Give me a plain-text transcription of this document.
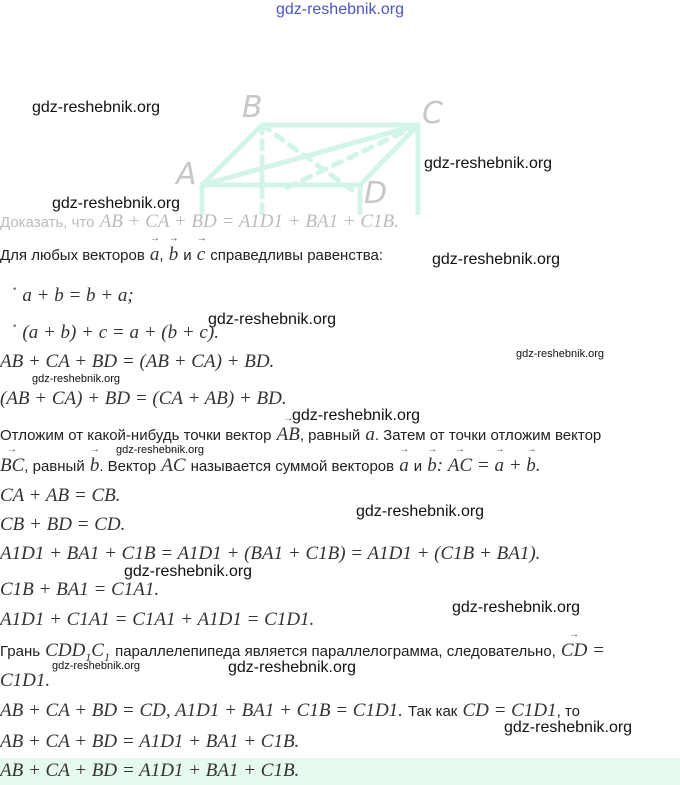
gdz-reshebnik.org
gdz-reshebnik.org
gdz-reshebnik.org
gdz-reshebnik.org
gdz-reshebnik.org
gdz-reshebnik.org
gdz-reshebnik.org
gdz-reshebnik.org
gdz-reshebnik.org
gdz-reshebnik.org
gdz-reshebnik.org
gdz-reshebnik.org
gdz-reshebnik.org
gdz-reshebnik.org	gdz-reshebnik.org
gdz-reshebnik.org
A
B	C
D
Доказать, что AB + CA + BD = A1D1 + BA1 + C1B.
Для любых векторов → a, → b и → c справедливы равенства:
• a + b = b + a;
• (a + b) + c = a + (b + c).
AB + CA + BD = (AB + CA) + BD.
(AB + CA) + BD = (CA + AB) + BD.
Отложим от какой-нибудь точки вектор → AB, равный → a. Затем от точки отложим вектор
→ BC, равный → b. Вектор → AC называется суммой векторов → a и → b: → AC = → a + → b.
CA + AB = CB.
CB + BD = CD.
A1D1 + BA1 + C1B = A1D1 + (BA1 + C1B) = A1D1 + (C1B + BA1).
C1B + BA1 = C1A1.
A1D1 + C1A1 = C1A1 + A1D1 = C1D1.
Грань $CDD_1C_1$ параллелепипеда является параллелограмма, следовательно, → CD =
C1D1.
AB + CA + BD = CD, A1D1 + BA1 + C1B = C1D1. Так как CD = C1D1, то
AB + CA + BD = A1D1 + BA1 + C1B.
AB + CA + BD = A1D1 + BA1 + C1B.
